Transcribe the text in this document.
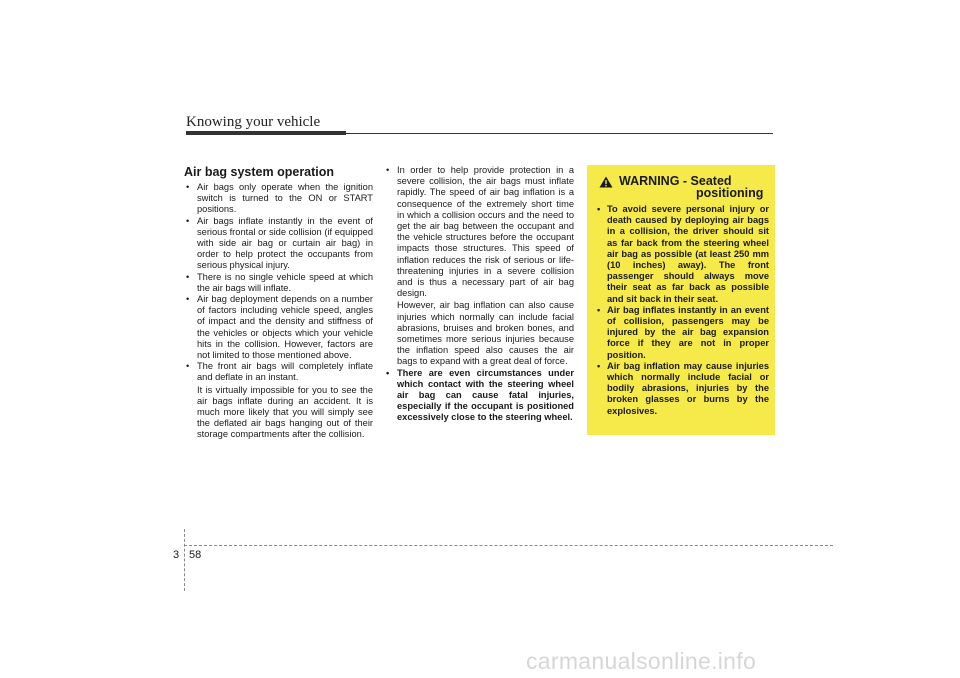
Knowing your vehicle
Air bag system operation
• Air bags only operate when the ignition switch is turned to the ON or START positions.
• Air bags inflate instantly in the event of serious frontal or side collision (if equipped with side air bag or curtain air bag) in order to help protect the occupants from serious physical injury.
• There is no single vehicle speed at which the air bags will inflate.
• Air bag deployment depends on a number of factors including vehicle speed, angles of impact and the density and stiffness of the vehicles or objects which your vehicle hits in the collision. However, factors are not limited to those mentioned above.
• The front air bags will completely inflate and deflate in an instant.
It is virtually impossible for you to see the air bags inflate during an accident. It is much more likely that you will simply see the deflated air bags hanging out of their storage compartments after the collision.
• In order to help provide protection in a severe collision, the air bags must inflate rapidly. The speed of air bag inflation is a consequence of the extremely short time in which a collision occurs and the need to get the air bag between the occupant and the vehicle structures before the occupant impacts those structures. This speed of inflation reduces the risk of serious or life-threatening injuries in a severe collision and is thus a necessary part of air bag design.
However, air bag inflation can also cause injuries which normally can include facial abrasions, bruises and broken bones, and sometimes more serious injuries because the inflation speed also causes the air bags to expand with a great deal of force.
• There are even circumstances under which contact with the steering wheel air bag can cause fatal injuries, especially if the occupant is positioned excessively close to the steering wheel.
WARNING - Seated
positioning
• To avoid severe personal injury or death caused by deploying air bags in a collision, the driver should sit as far back from the steering wheel air bag as possible (at least 250 mm (10 inches) away). The front passenger should always move their seat as far back as possible and sit back in their seat.
• Air bag inflates instantly in an event of collision, passengers may be injured by the air bag expansion force if they are not in proper position.
• Air bag inflation may cause injuries which normally include facial or bodily abrasions, injuries by the broken glasses or burns by the explosives.
3 58
carmanualsonline.info
